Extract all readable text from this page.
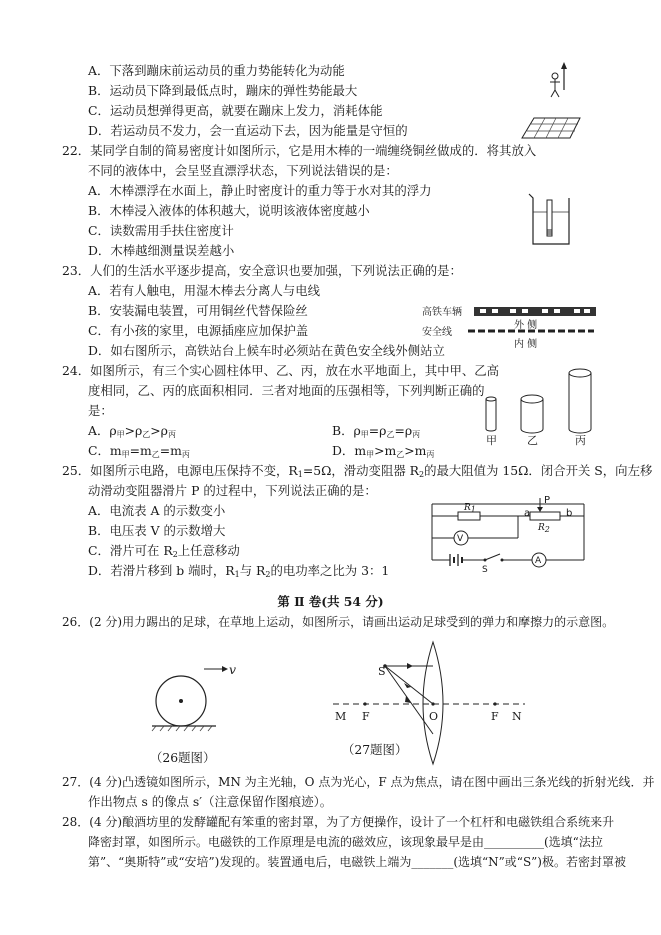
A．下落到蹦床前运动员的重力势能转化为动能
B．运动员下降到最低点时，蹦床的弹性势能最大
C．运动员想弹得更高，就要在蹦床上发力，消耗体能
D．若运动员不发力，会一直运动下去，因为能量是守恒的
22．某同学自制的简易密度计如图所示，它是用木棒的一端缠绕铜丝做成的．将其放入
不同的液体中，会呈竖直漂浮状态，下列说法错误的是：
A．木棒漂浮在水面上，静止时密度计的重力等于水对其的浮力
B．木棒浸入液体的体积越大，说明该液体密度越小
C．读数需用手扶住密度计
D．木棒越细测量误差越小
23．人们的生活水平逐步提高，安全意识也要加强，下列说法正确的是：
A．若有人触电，用湿木棒去分离人与电线
B．安装漏电装置，可用铜丝代替保险丝
C．有小孩的家里，电源插座应加保护盖
D．如右图所示，高铁站台上候车时必须站在黄色安全线外侧站立
高铁车辆
安全线
外 侧
内 侧
24．如图所示，有三个实心圆柱体甲、乙、丙，放在水平地面上，其中甲、乙高
度相同，乙、丙的底面积相同．三者对地面的压强相等，下列判断正确的
是：
A．$\rho_甲>\rho_乙>\rho_丙$	B．$\rho_甲=\rho_乙=\rho_丙$
C．$m_甲=m_乙=m_丙$	D．$m_甲>m_乙>m_丙$
甲	乙	丙
25．如图所示电路，电源电压保持不变，$R_1=5\Omega$，滑动变阻器 $R_2$的最大阻值为 15Ω．闭合开关 S，向左移
动滑动变阻器滑片 P 的过程中，下列说法正确的是：
A．电流表 A 的示数变小
B．电压表 V 的示数增大
C．滑片可在 $R_2$上任意移动
D．若滑片移到 b 端时，$R_1$与 $R_2$的电功率之比为 3：1
P
a	b
R1
R2
V
S
A
第 Ⅱ 卷(共 54 分)
26．(2 分)用力踢出的足球，在草地上运动，如图所示，请画出运动足球受到的弹力和摩擦力的示意图。
v
（26题图）
S
M F	O	F N
（27题图）
27．(4 分)凸透镜如图所示，MN 为主光轴，O 点为光心，F 点为焦点，请在图中画出三条光线的折射光线．并
作出物点 s 的像点 s′（注意保留作图痕迹）。
28．(4 分)酿酒坊里的发酵罐配有笨重的密封罩，为了方便操作，设计了一个杠杆和电磁铁组合系统来升
降密封罩，如图所示。电磁铁的工作原理是电流的磁效应，该现象最早是由__________(选填“法拉
第”、“奥斯特”或“安培”)发现的。装置通电后，电磁铁上端为_______(选填“N”或“S”)极。若密封罩被
